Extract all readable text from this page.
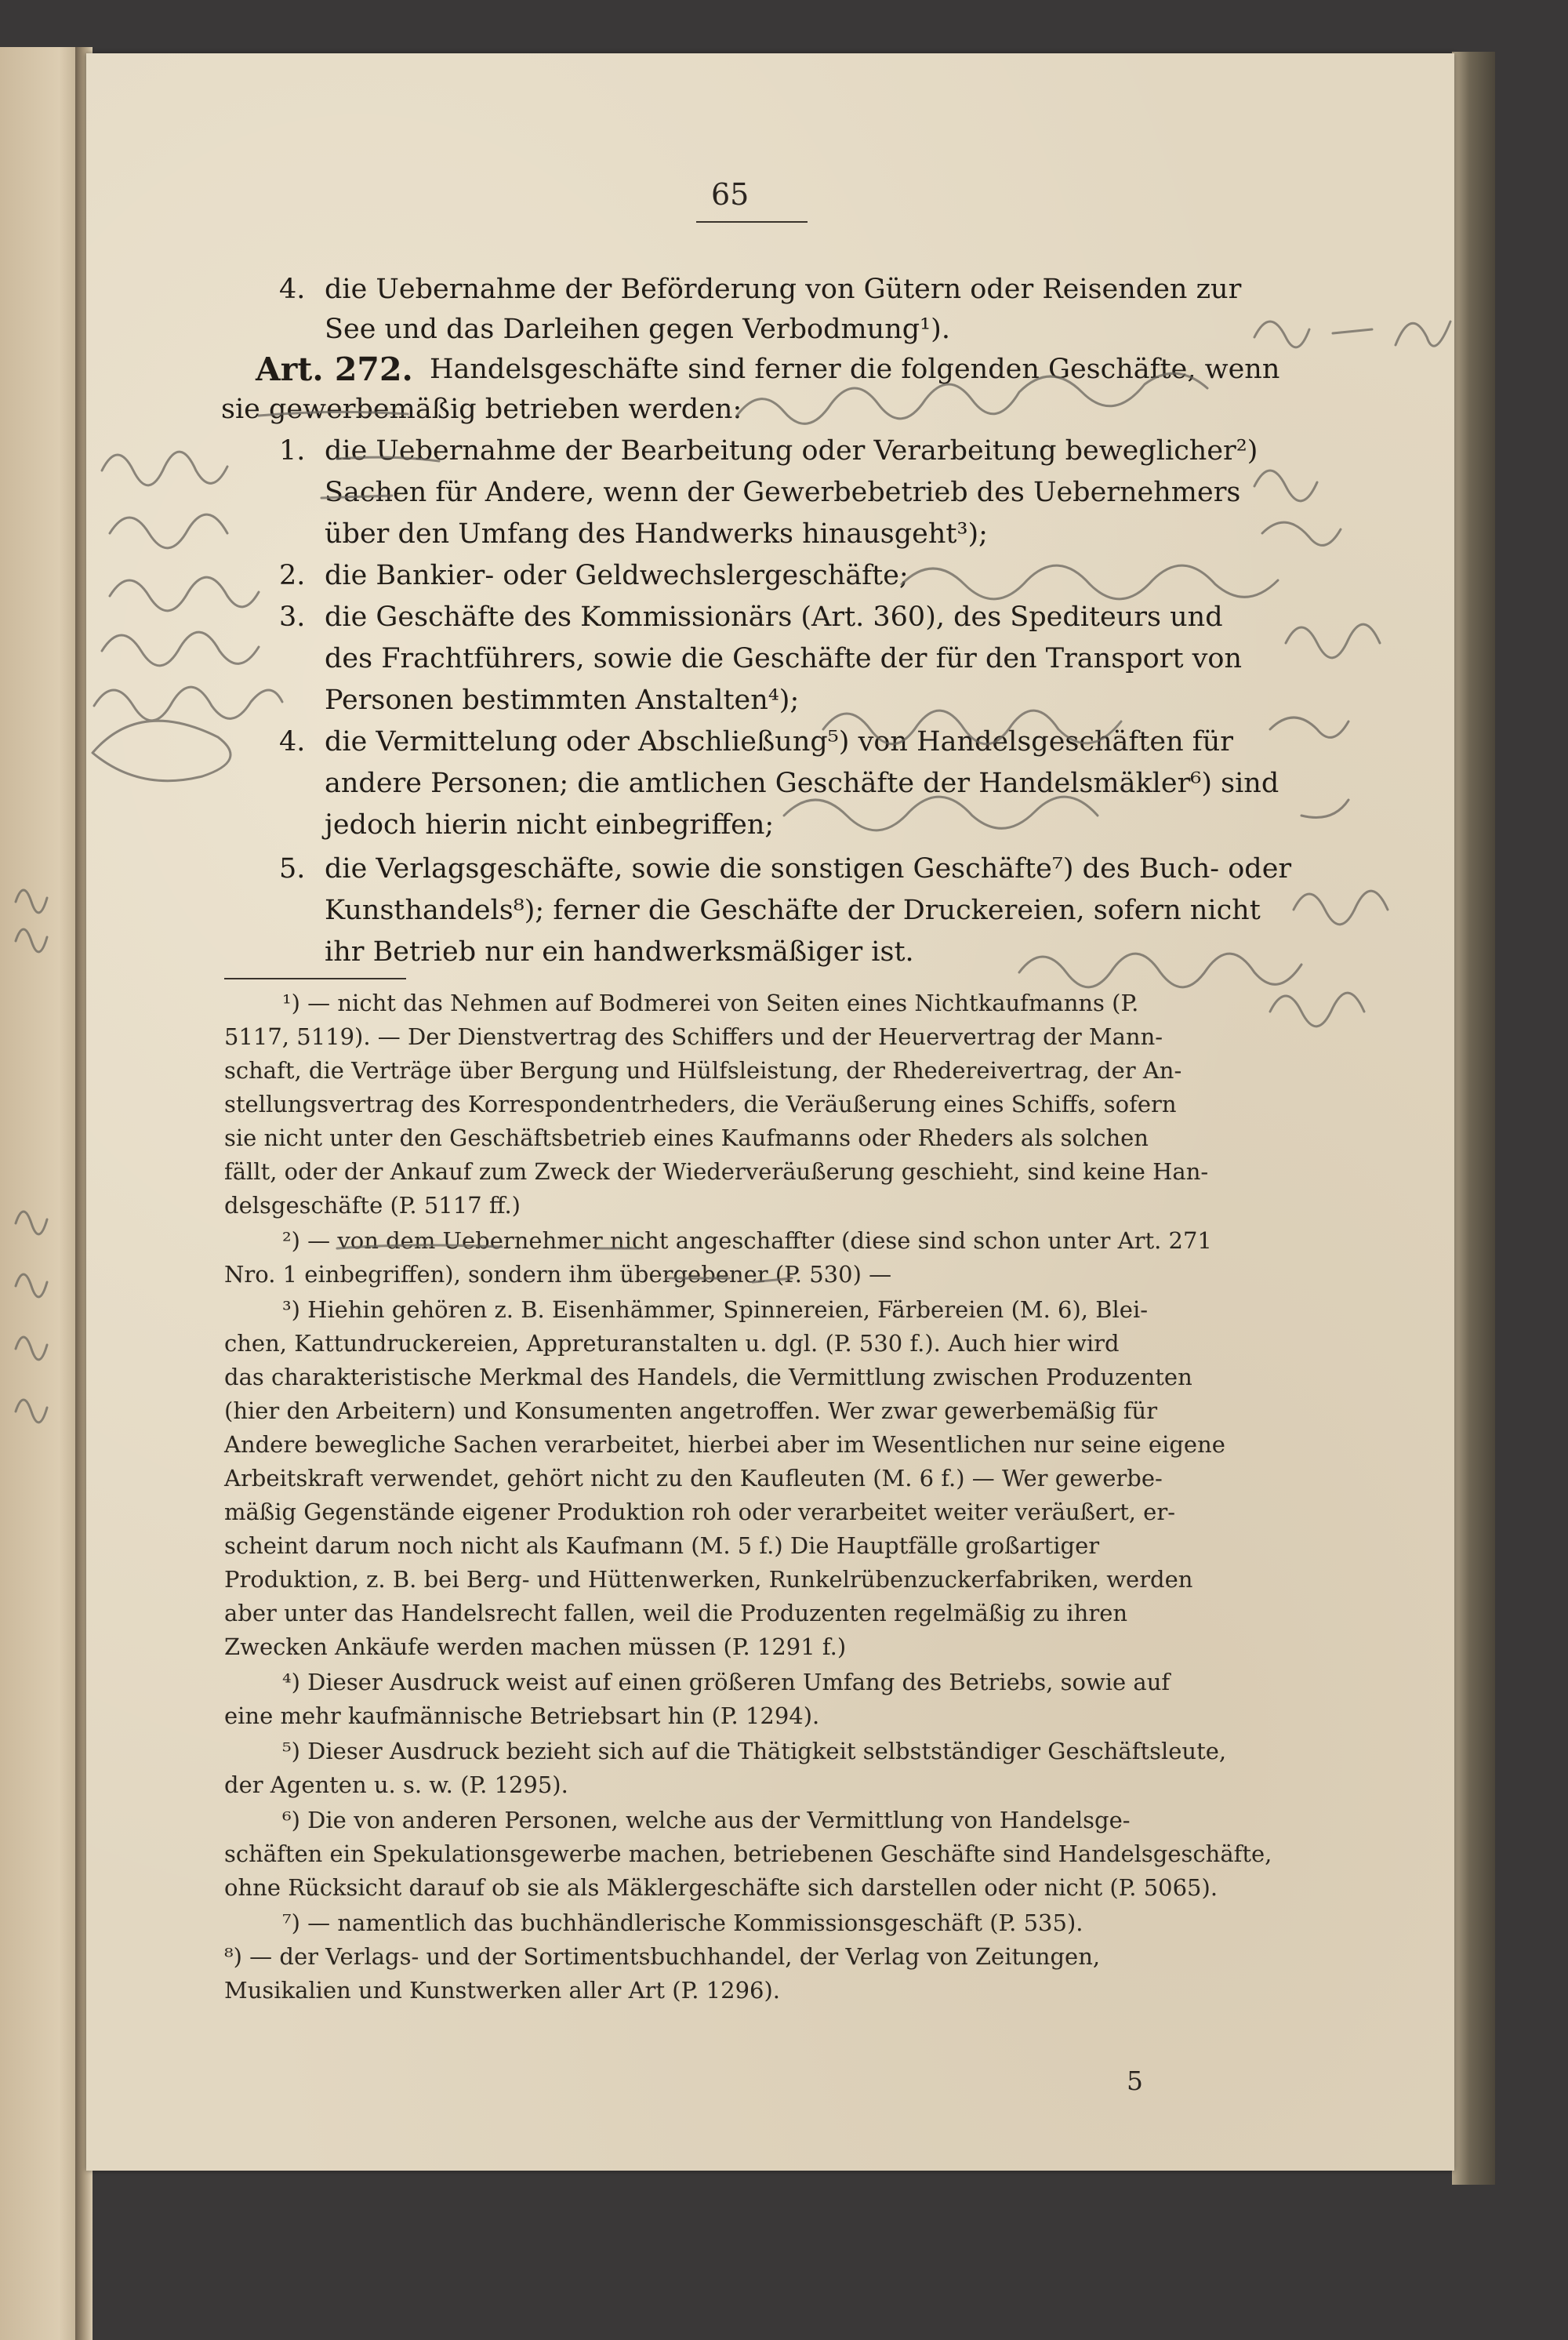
65

4. die Uebernahme der Beförderung von Gütern oder Reisenden zur
See und das Darleihen gegen Verbodmung¹).
Art. 272. Handelsgeschäfte sind ferner die folgenden Geschäfte, wenn
sie gewerbemäßig betrieben werden:
1. die Uebernahme der Bearbeitung oder Verarbeitung beweglicher²)
Sachen für Andere, wenn der Gewerbebetrieb des Uebernehmers
über den Umfang des Handwerks hinausgeht³);
2. die Bankier- oder Geldwechslergeschäfte;
3. die Geschäfte des Kommissionärs (Art. 360), des Spediteurs und
des Frachtführers, sowie die Geschäfte der für den Transport von
Personen bestimmten Anstalten⁴);
4. die Vermittelung oder Abschließung⁵) von Handelsgeschäften für
andere Personen; die amtlichen Geschäfte der Handelsmäkler⁶) sind
jedoch hierin nicht einbegriffen;
5. die Verlagsgeschäfte, sowie die sonstigen Geschäfte⁷) des Buch- oder
Kunsthandels⁸); ferner die Geschäfte der Druckereien, sofern nicht
ihr Betrieb nur ein handwerksmäßiger ist.
¹) — nicht das Nehmen auf Bodmerei von Seiten eines Nichtkaufmanns (P.
5117, 5119). — Der Dienstvertrag des Schiffers und der Heuervertrag der Mann-
schaft, die Verträge über Bergung und Hülfsleistung, der Rhedereivertrag, der An-
stellungsvertrag des Korrespondentrheders, die Veräußerung eines Schiffs, sofern
sie nicht unter den Geschäftsbetrieb eines Kaufmanns oder Rheders als solchen
fällt, oder der Ankauf zum Zweck der Wiederveräußerung geschieht, sind keine Han-
delsgeschäfte (P. 5117 ff.)
²) — von dem Uebernehmer nicht angeschaffter (diese sind schon unter Art. 271
Nro. 1 einbegriffen), sondern ihm übergebener (P. 530) —
³) Hiehin gehören z. B. Eisenhämmer, Spinnereien, Färbereien (M. 6), Blei-
chen, Kattundruckereien, Appreturanstalten u. dgl. (P. 530 f.). Auch hier wird
das charakteristische Merkmal des Handels, die Vermittlung zwischen Produzenten
(hier den Arbeitern) und Konsumenten angetroffen. Wer zwar gewerbemäßig für
Andere bewegliche Sachen verarbeitet, hierbei aber im Wesentlichen nur seine eigene
Arbeitskraft verwendet, gehört nicht zu den Kaufleuten (M. 6 f.) — Wer gewerbe-
mäßig Gegenstände eigener Produktion roh oder verarbeitet weiter veräußert, er-
scheint darum noch nicht als Kaufmann (M. 5 f.) Die Hauptfälle großartiger
Produktion, z. B. bei Berg- und Hüttenwerken, Runkelrübenzuckerfabriken, werden
aber unter das Handelsrecht fallen, weil die Produzenten regelmäßig zu ihren
Zwecken Ankäufe werden machen müssen (P. 1291 f.)
⁴) Dieser Ausdruck weist auf einen größeren Umfang des Betriebs, sowie auf
eine mehr kaufmännische Betriebsart hin (P. 1294).
⁵) Dieser Ausdruck bezieht sich auf die Thätigkeit selbstständiger Geschäftsleute,
der Agenten u. s. w. (P. 1295).
⁶) Die von anderen Personen, welche aus der Vermittlung von Handelsge-
schäften ein Spekulationsgewerbe machen, betriebenen Geschäfte sind Handelsgeschäfte,
ohne Rücksicht darauf ob sie als Mäklergeschäfte sich darstellen oder nicht (P. 5065).
⁷) — namentlich das buchhändlerische Kommissionsgeschäft (P. 535).
⁸) — der Verlags- und der Sortimentsbuchhandel, der Verlag von Zeitungen,
Musikalien und Kunstwerken aller Art (P. 1296).

5
